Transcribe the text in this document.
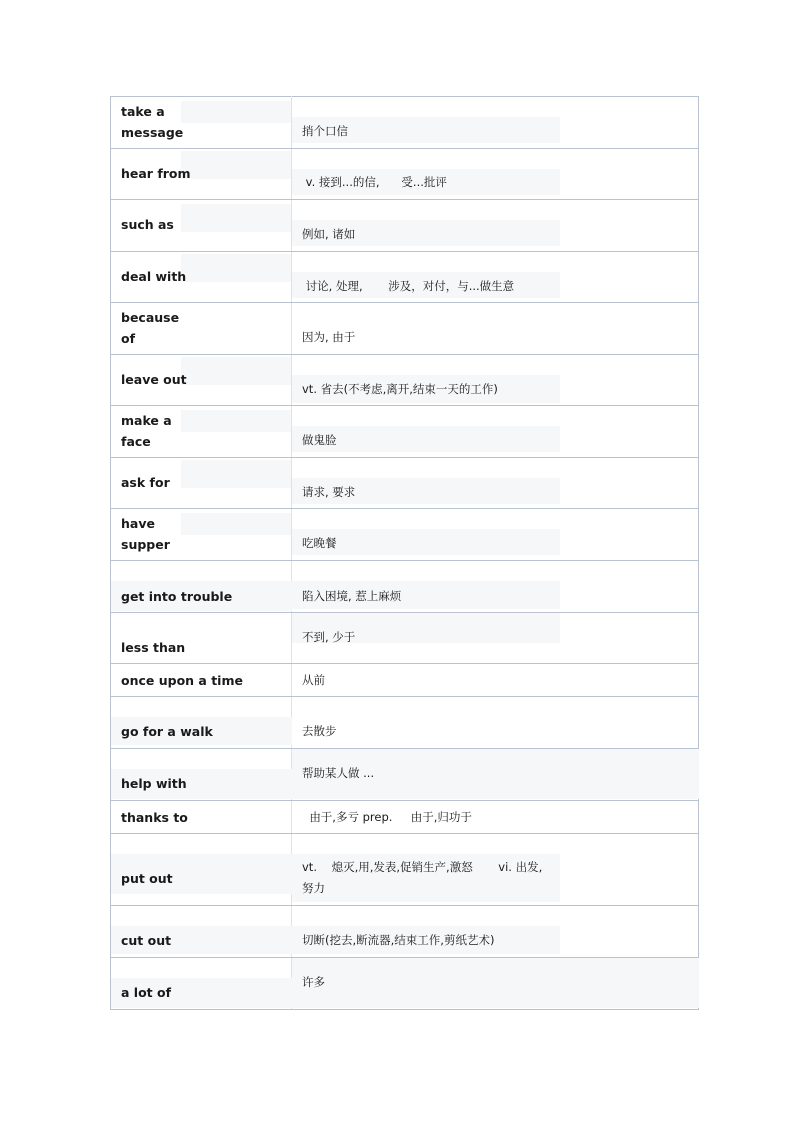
take a
message	捎个口信

hear from	v. 接到...的信,      受...批评

such as	例如, 诸如

deal with	讨论, 处理,       涉及，对付，与...做生意

because
of	因为, 由于

leave out	vt. 省去(不考虑,离开,结束一天的工作)

make a
face	做鬼脸

ask for	请求, 要求

have
supper	吃晚餐

get into trouble	陷入困境, 惹上麻烦

less than	不到, 少于

once upon a time	从前

go for a walk	去散步

help with	帮助某人做 ...

thanks to	由于,多亏 prep.     由于,归功于

put out	vt.    熄灭,用,发表,促销生产,激怒       vi. 出发,
努力

cut out	切断(挖去,断流器,结束工作,剪纸艺术)

a lot of	许多
